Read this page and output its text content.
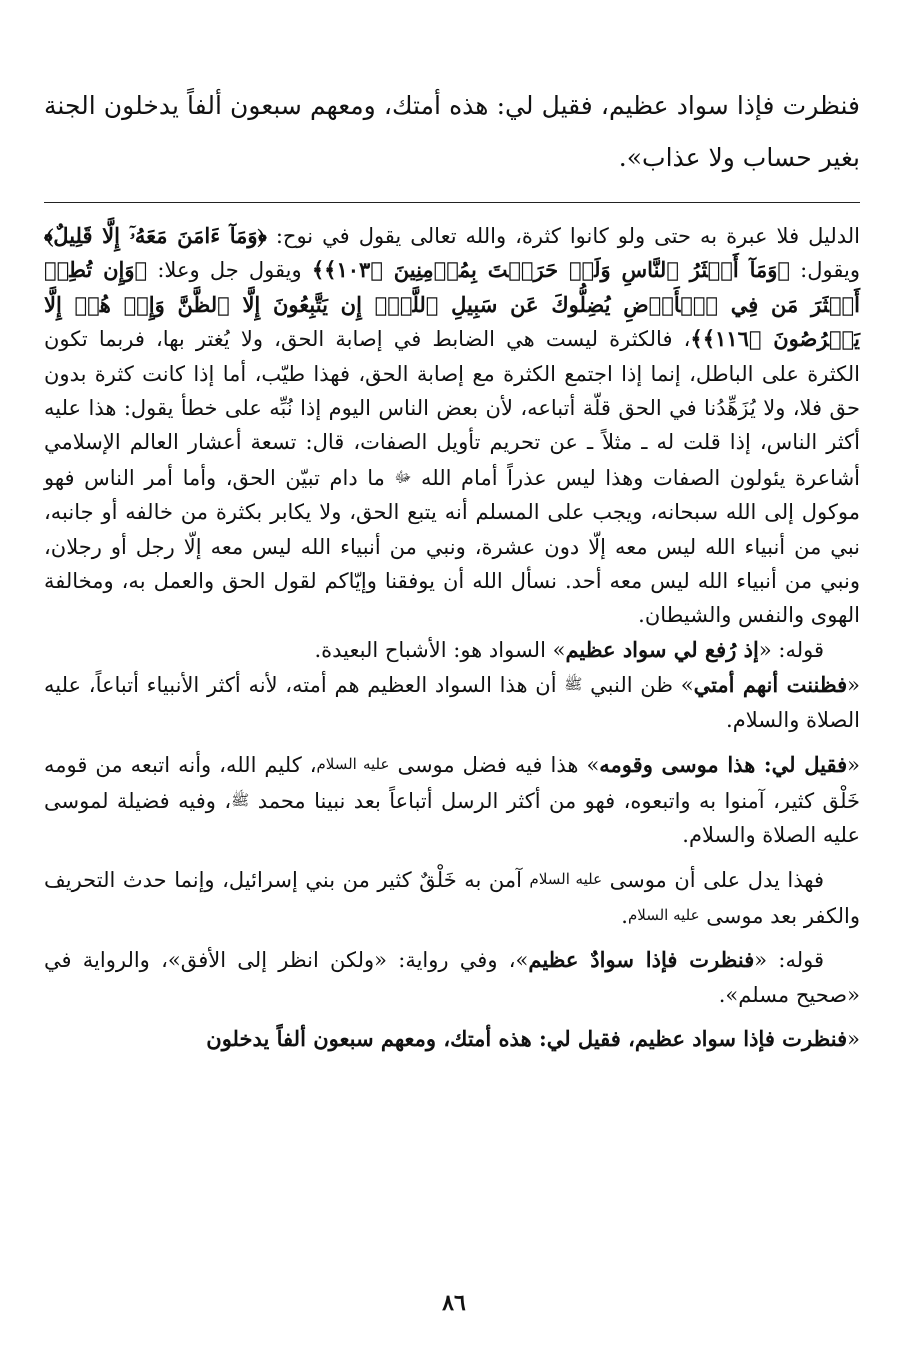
فنظرت فإذا سواد عظيم، فقيل لي: هذه أمتك، ومعهم سبعون ألفاً يدخلون الجنة بغير حساب ولا عذاب».

الدليل فلا عبرة به حتى ولو كانوا كثرة، والله تعالى يقول في نوح: ﴿وَمَآ ءَامَنَ مَعَهُۥٓ إِلَّا قَلِيلٌ﴾ ويقول: ﴿وَمَآ أَكۡثَرُ ٱلنَّاسِ وَلَوۡ حَرَصۡتَ بِمُؤۡمِنِينَ ﴿١٠٣﴾﴾ ويقول جل وعلا: ﴿وَإِن تُطِعۡ أَكۡثَرَ مَن فِي ٱلۡأَرۡضِ يُضِلُّوكَ عَن سَبِيلِ ٱللَّهِۚ إِن يَتَّبِعُونَ إِلَّا ٱلظَّنَّ وَإِنۡ هُمۡ إِلَّا يَخۡرُصُونَ ﴿١١٦﴾﴾، فالكثرة ليست هي الضابط في إصابة الحق، ولا يُغتر بها، فربما تكون الكثرة على الباطل، إنما إذا اجتمع الكثرة مع إصابة الحق، فهذا طيّب، أما إذا كانت كثرة بدون حق فلا، ولا يُزَهِّدُنا في الحق قلّة أتباعه، لأن بعض الناس اليوم إذا نُبِّه على خطأ يقول: هذا عليه أكثر الناس، إذا قلت له ـ مثلاً ـ عن تحريم تأويل الصفات، قال: تسعة أعشار العالم الإسلامي أشاعرة يئولون الصفات وهذا ليس عذراً أمام الله ﷻ ما دام تبيّن الحق، وأما أمر الناس فهو موكول إلى الله سبحانه، ويجب على المسلم أنه يتبع الحق، ولا يكابر بكثرة من خالفه أو جانبه، نبي من أنبياء الله ليس معه إلّا دون عشرة، ونبي من أنبياء الله ليس معه إلّا رجل أو رجلان، ونبي من أنبياء الله ليس معه أحد. نسأل الله أن يوفقنا وإيّاكم لقول الحق والعمل به، ومخالفة الهوى والنفس والشيطان.

قوله: «إذ رُفع لي سواد عظيم» السواد هو: الأشباح البعيدة.

«فظننت أنهم أمتي» ظن النبي ﷺ أن هذا السواد العظيم هم أمته، لأنه أكثر الأنبياء أتباعاً، عليه الصلاة والسلام.

«فقيل لي: هذا موسى وقومه» هذا فيه فضل موسى عليه السلام، كليم الله، وأنه اتبعه من قومه خَلْق كثير، آمنوا به واتبعوه، فهو من أكثر الرسل أتباعاً بعد نبينا محمد ﷺ، وفيه فضيلة لموسى عليه الصلاة والسلام.

فهذا يدل على أن موسى عليه السلام آمن به خَلْقٌ كثير من بني إسرائيل، وإنما حدث التحريف والكفر بعد موسى عليه السلام.

قوله: «فنظرت فإذا سوادٌ عظيم»، وفي رواية: «ولكن انظر إلى الأفق»، والرواية في «صحيح مسلم».

«فنظرت فإذا سواد عظيم، فقيل لي: هذه أمتك، ومعهم سبعون ألفاً يدخلون

٨٦
